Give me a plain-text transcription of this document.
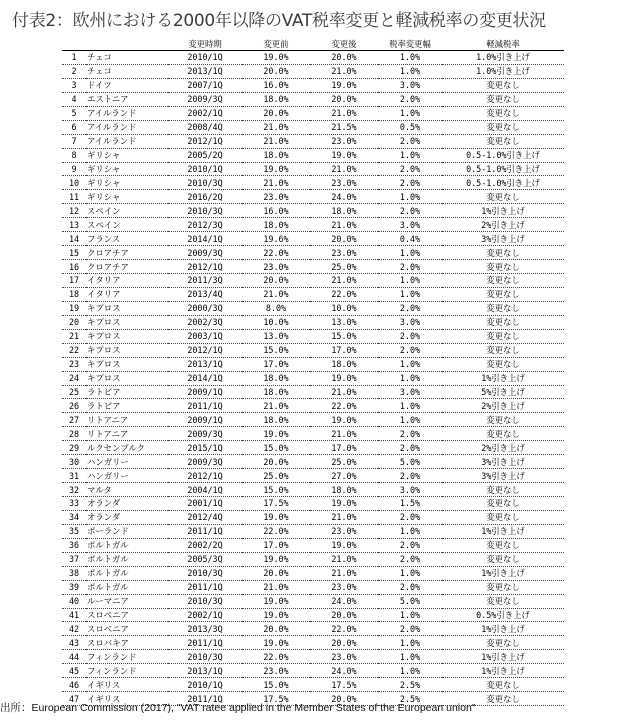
付表2：欧州における2000年以降のVAT税率変更と軽減税率の変更状況
		変更時期	変更前	変更後	税率変更幅	軽減税率
1	チェコ	2010/1Q	19.0%	20.0%	1.0%	1.0%引き上げ
2	チェコ	2013/1Q	20.0%	21.0%	1.0%	1.0%引き上げ
3	ドイツ	2007/1Q	16.0%	19.0%	3.0%	変更なし
4	エストニア	2009/3Q	18.0%	20.0%	2.0%	変更なし
5	アイルランド	2002/1Q	20.0%	21.0%	1.0%	変更なし
6	アイルランド	2008/4Q	21.0%	21.5%	0.5%	変更なし
7	アイルランド	2012/1Q	21.0%	23.0%	2.0%	変更なし
8	ギリシャ	2005/2Q	18.0%	19.0%	1.0%	0.5-1.0%引き上げ
9	ギリシャ	2010/1Q	19.0%	21.0%	2.0%	0.5-1.0%引き上げ
10	ギリシャ	2010/3Q	21.0%	23.0%	2.0%	0.5-1.0%引き上げ
11	ギリシャ	2016/2Q	23.0%	24.0%	1.0%	変更なし
12	スペイン	2010/3Q	16.0%	18.0%	2.0%	1%引き上げ
13	スペイン	2012/3Q	18.0%	21.0%	3.0%	2%引き上げ
14	フランス	2014/1Q	19.6%	20.0%	0.4%	3%引き上げ
15	クロアチア	2009/3Q	22.0%	23.0%	1.0%	変更なし
16	クロアチア	2012/1Q	23.0%	25.0%	2.0%	変更なし
17	イタリア	2011/3Q	20.0%	21.0%	1.0%	変更なし
18	イタリア	2013/4Q	21.0%	22.0%	1.0%	変更なし
19	キプロス	2000/3Q	8.0%	10.0%	2.0%	変更なし
20	キプロス	2002/3Q	10.0%	13.0%	3.0%	変更なし
21	キプロス	2003/1Q	13.0%	15.0%	2.0%	変更なし
22	キプロス	2012/1Q	15.0%	17.0%	2.0%	変更なし
23	キプロス	2013/1Q	17.0%	18.0%	1.0%	変更なし
24	キプロス	2014/1Q	18.0%	19.0%	1.0%	1%引き上げ
25	ラトビア	2009/1Q	18.0%	21.0%	3.0%	5%引き上げ
26	ラトビア	2011/1Q	21.0%	22.0%	1.0%	2%引き上げ
27	リトアニア	2009/1Q	18.0%	19.0%	1.0%	変更なし
28	リトアニア	2009/3Q	19.0%	21.0%	2.0%	変更なし
29	ルクセンブルク	2015/1Q	15.0%	17.0%	2.0%	2%引き上げ
30	ハンガリー	2009/3Q	20.0%	25.0%	5.0%	3%引き上げ
31	ハンガリー	2012/1Q	25.0%	27.0%	2.0%	3%引き上げ
32	マルタ	2004/1Q	15.0%	18.0%	3.0%	変更なし
33	オランダ	2001/1Q	17.5%	19.0%	1.5%	変更なし
34	オランダ	2012/4Q	19.0%	21.0%	2.0%	変更なし
35	ポーランド	2011/1Q	22.0%	23.0%	1.0%	1%引き上げ
36	ポルトガル	2002/2Q	17.0%	19.0%	2.0%	変更なし
37	ポルトガル	2005/3Q	19.0%	21.0%	2.0%	変更なし
38	ポルトガル	2010/3Q	20.0%	21.0%	1.0%	1%引き上げ
39	ポルトガル	2011/1Q	21.0%	23.0%	2.0%	変更なし
40	ルーマニア	2010/3Q	19.0%	24.0%	5.0%	変更なし
41	スロベニア	2002/1Q	19.0%	20.0%	1.0%	0.5%引き上げ
42	スロベニア	2013/3Q	20.0%	22.0%	2.0%	1%引き上げ
43	スロバキア	2011/1Q	19.0%	20.0%	1.0%	変更なし
44	フィンランド	2010/3Q	22.0%	23.0%	1.0%	1%引き上げ
45	フィンランド	2013/1Q	23.0%	24.0%	1.0%	1%引き上げ
46	イギリス	2010/1Q	15.0%	17.5%	2.5%	変更なし
47	イギリス	2011/1Q	17.5%	20.0%	2.5%	変更なし
出所：European Commission (2017), "VAT ratee applied in the Member States of the European union"
